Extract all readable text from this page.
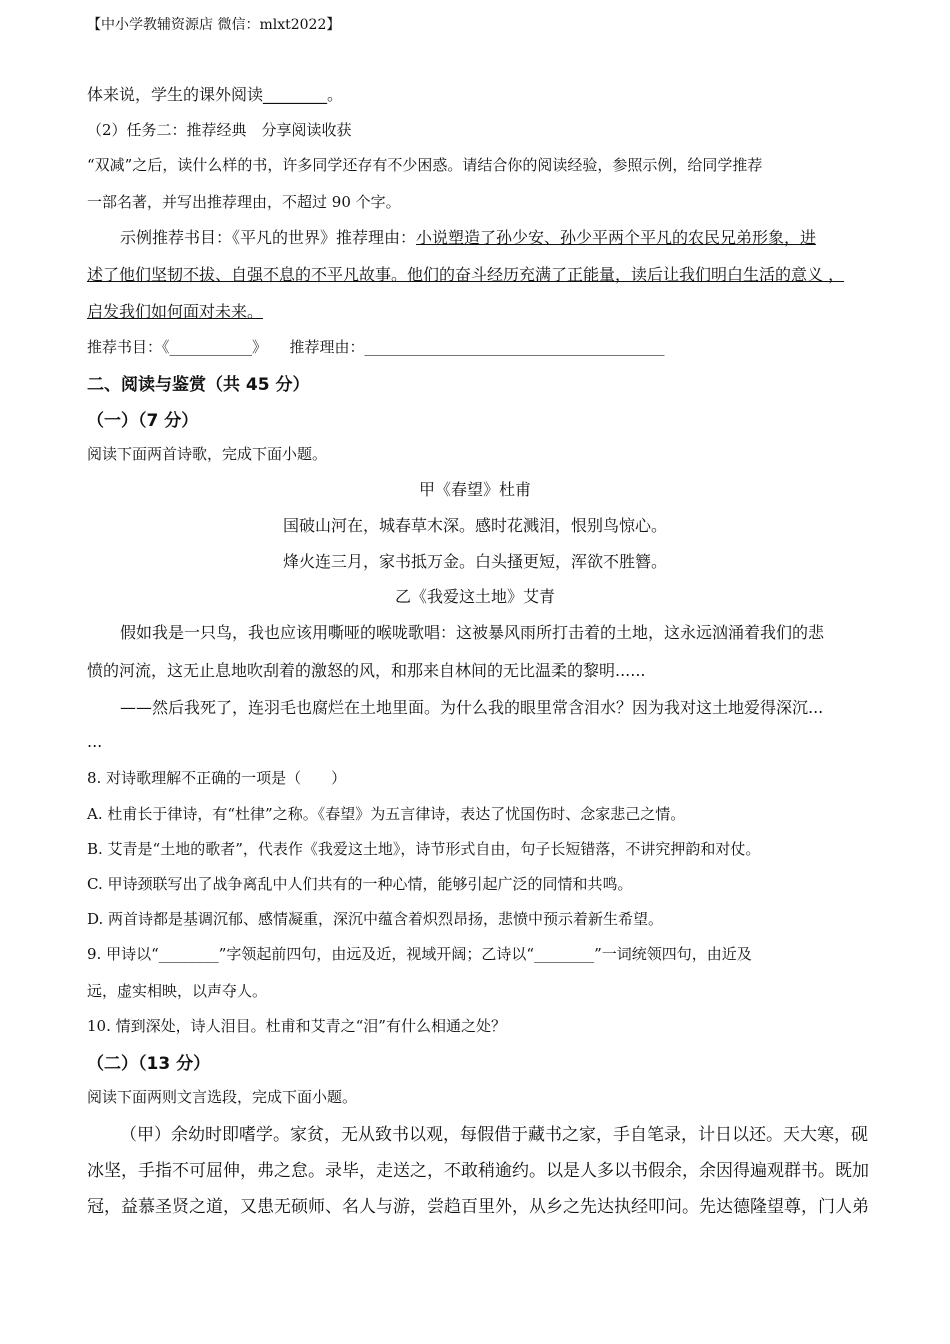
【中小学教辅资源店 微信：mlxt2022】
体来说，学生的课外阅读________。
（2）任务二：推荐经典　分享阅读收获
“双减”之后，读什么样的书，许多同学还存有不少困惑。请结合你的阅读经验，参照示例，给同学推荐
一部名著，并写出推荐理由，不超过 90 个字。
示例推荐书目：《平凡的世界》推荐理由：小说塑造了孙少安、孙少平两个平凡的农民兄弟形象，进
述了他们坚韧不拔、自强不息的不平凡故事。他们的奋斗经历充满了正能量，读后让我们明白生活的意义 ，
启发我们如何面对未来。
推荐书目：《___________》　　推荐理由：________________________________________
二、阅读与鉴赏（共 45 分）
（一）（7 分）
阅读下面两首诗歌，完成下面小题。
甲《春望》杜甫
国破山河在，城春草木深。感时花溅泪，恨别鸟惊心。
烽火连三月，家书抵万金。白头搔更短，浑欲不胜簪。
乙《我爱这土地》艾青
假如我是一只鸟，我也应该用嘶哑的喉咙歌唱：这被暴风雨所打击着的土地，这永远汹涌着我们的悲
愤的河流，这无止息地吹刮着的激怒的风，和那来自林间的无比温柔的黎明......
——然后我死了，连羽毛也腐烂在土地里面。为什么我的眼里常含泪水？因为我对这土地爱得深沉...
...
8. 对诗歌理解不正确的一项是（　　）
A. 杜甫长于律诗，有“杜律”之称。《春望》为五言律诗，表达了忧国伤时、念家悲己之情。
B. 艾青是“土地的歌者”，代表作《我爱这土地》，诗节形式自由，句子长短错落，不讲究押韵和对仗。
C. 甲诗颈联写出了战争离乱中人们共有的一种心情，能够引起广泛的同情和共鸣。
D. 两首诗都是基调沉郁、感情凝重，深沉中蕴含着炽烈昂扬，悲愤中预示着新生希望。
9. 甲诗以“________”字领起前四句，由远及近，视域开阔；乙诗以“________”一词统领四句，由近及
远，虚实相映，以声夺人。
10. 情到深处，诗人泪目。杜甫和艾青之“泪”有什么相通之处？
（二）（13 分）
阅读下面两则文言选段，完成下面小题。
（甲）余幼时即嗜学。家贫，无从致书以观，每假借于藏书之家，手自笔录，计日以还。天大寒，砚
冰坚，手指不可屈伸，弗之怠。录毕，走送之，不敢稍逾约。以是人多以书假余，余因得遍观群书。既加
冠，益慕圣贤之道，又患无硕师、名人与游，尝趋百里外，从乡之先达执经叩问。先达德隆望尊，门人弟
